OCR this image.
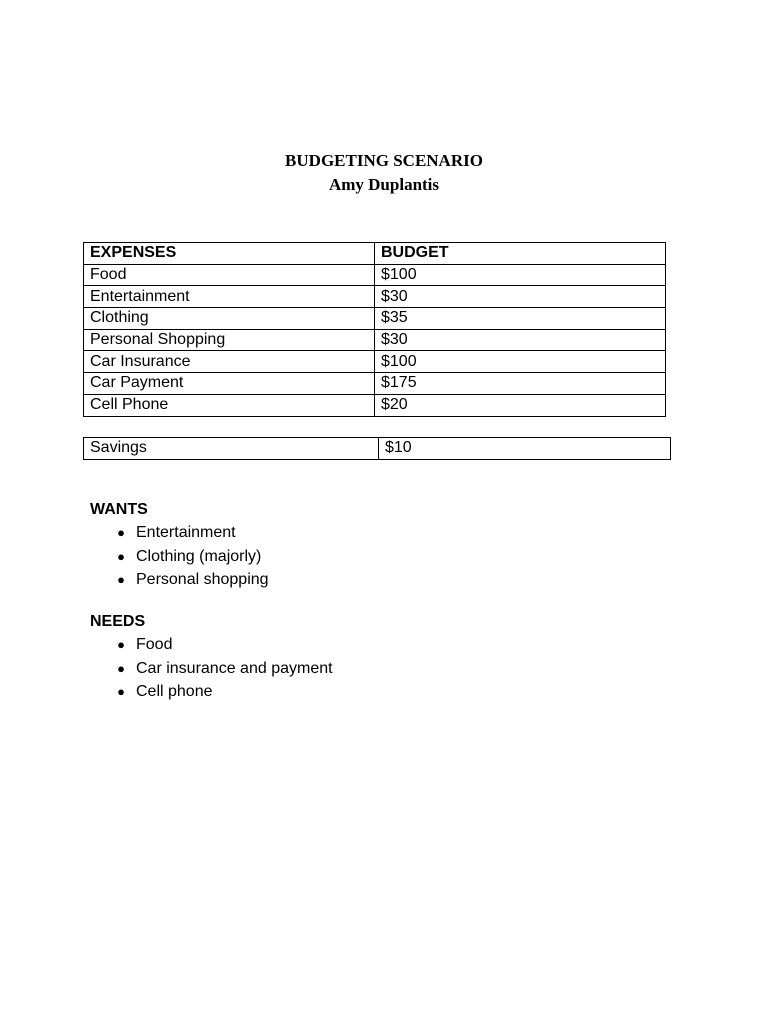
BUDGETING SCENARIO
Amy Duplantis
EXPENSES	BUDGET
Food	$100
Entertainment	$30
Clothing	$35
Personal Shopping	$30
Car Insurance	$100
Car Payment	$175
Cell Phone	$20
Savings	$10
WANTS
● Entertainment
● Clothing (majorly)
● Personal shopping
NEEDS
● Food
● Car insurance and payment
● Cell phone
